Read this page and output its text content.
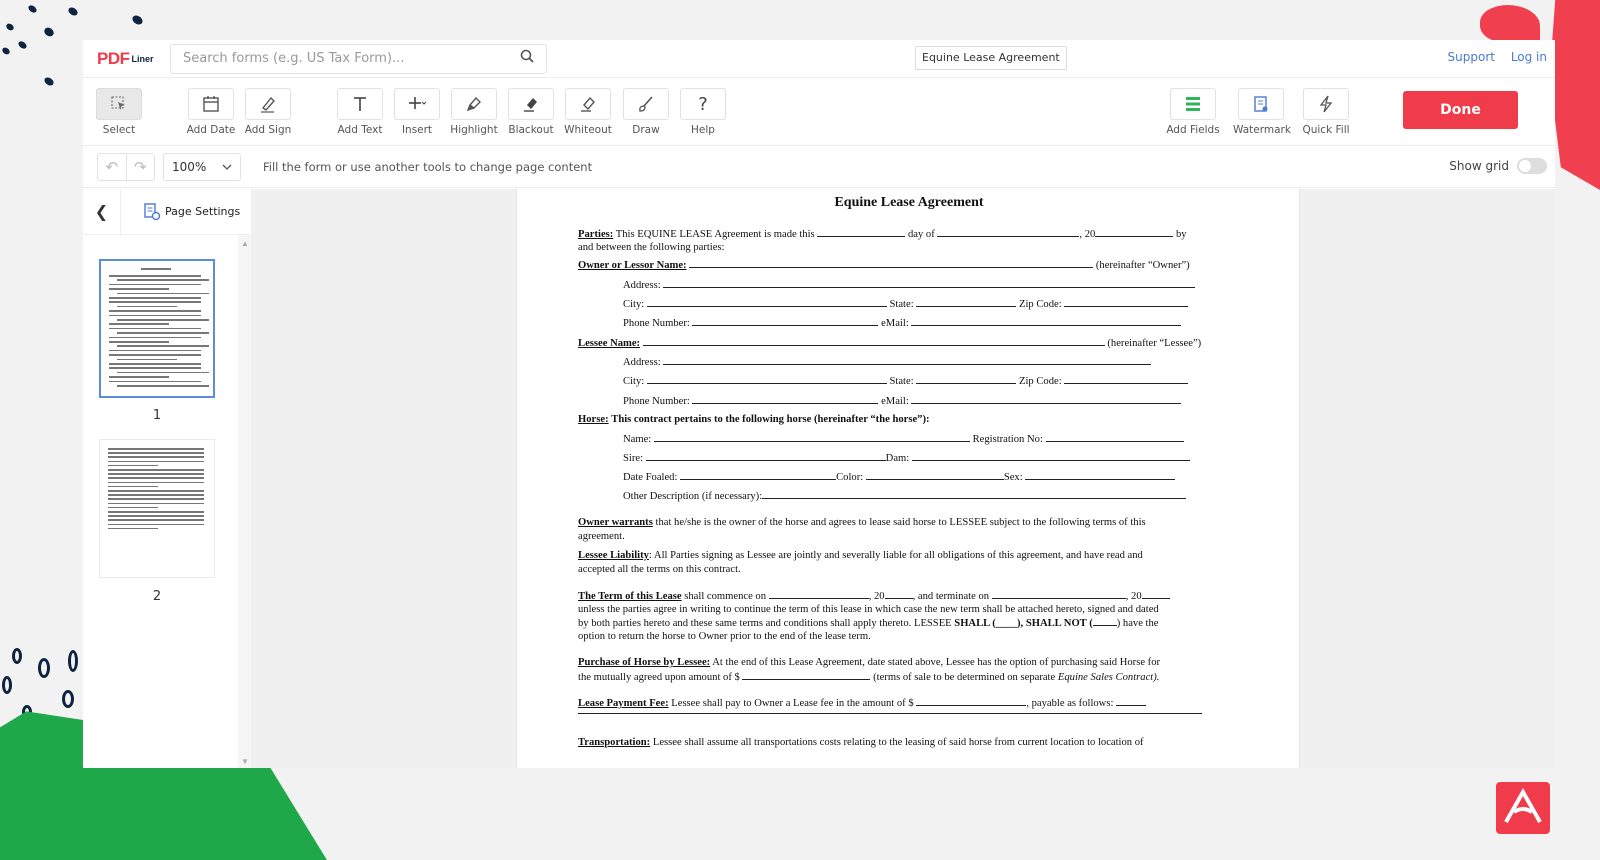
PDF Liner
Search forms (e.g. US Tax Form)...	Equine Lease Agreement	Support Log in
Select	Add Date Add Sign	Add Text	Insert	Highlight	Blackout	Whiteout	Draw
?
Help	Add Fields Watermark	Quick Fill
Done
↶	↷	100%	Fill the form or use another tools to change page content	Show grid
❮	Page Settings
1
2
▲
▼
Equine Lease Agreement
Parties: This EQUINE LEASE Agreement is made this	day of	, 20	by
and between the following parties:
Owner or Lessor Name:	(hereinafter “Owner”)
Address:
City:	State:	Zip Code:
Phone Number:	eMail:
Lessee Name:	(hereinafter “Lessee”)
Address:
City:	State:	Zip Code:
Phone Number:	eMail:
Horse: This contract pertains to the following horse (hereinafter “the horse”):
Name:	Registration No:
Sire:	Dam:
Date Foaled:	Color:	Sex:
Other Description (if necessary):
Owner warrants that he/she is the owner of the horse and agrees to lease said horse to LESSEE subject to the following terms of this
agreement.
Lessee Liability: All Parties signing as Lessee are jointly and severally liable for all obligations of this agreement, and have read and
accepted all the terms on this contract.
The Term of this Lease shall commence on	, 20	, and terminate on	, 20
unless the parties agree in writing to continue the term of this lease in which case the new term shall be attached hereto, signed and dated
by both parties hereto and these same terms and conditions shall apply thereto. LESSEE SHALL (____), SHALL NOT ( ) have the
option to return the horse to Owner prior to the end of the lease term.
Purchase of Horse by Lessee: At the end of this Lease Agreement, date stated above, Lessee has the option of purchasing said Horse for
the mutually agreed upon amount of $	(terms of sale to be determined on separate Equine Sales Contract).
Lease Payment Fee: Lessee shall pay to Owner a Lease fee in the amount of $	, payable as follows:
Transportation: Lessee shall assume all transportations costs relating to the leasing of said horse from current location to location of
